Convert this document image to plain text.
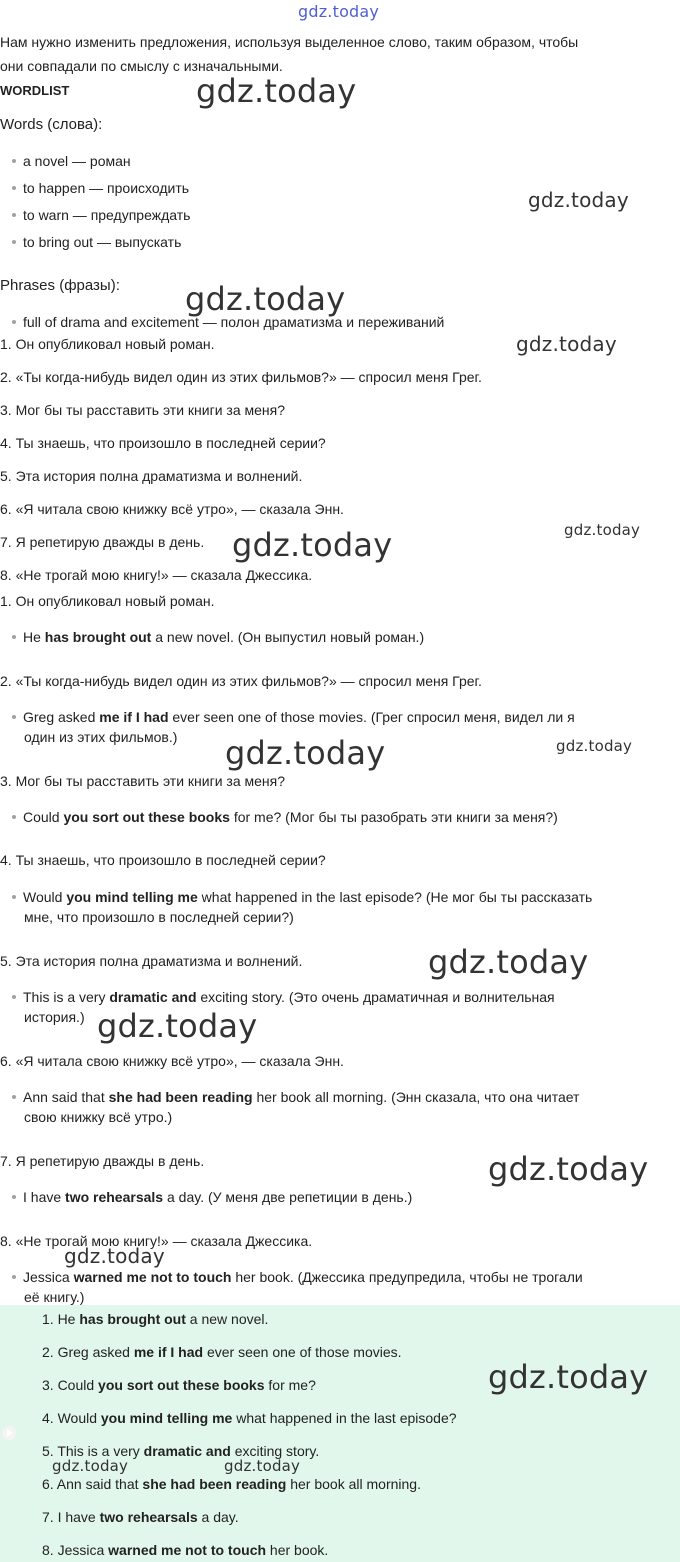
gdz.today
gdz.today
gdz.today
gdz.today
gdz.today
gdz.today
gdz.today
gdz.today	gdz.today
gdz.today
gdz.today
gdz.today
gdz.today
Нам нужно изменить предложения, используя выделенное слово, таким образом, чтобы
они совпадали по смыслу с изначальными.
WORDLIST
Words (слова):
a novel — роман
to happen — происходить
to warn — предупреждать
to bring out — выпускать
Phrases (фразы):
full of drama and excitement — полон драматизма и переживаний
1. Он опубликовал новый роман.
2. «Ты когда-нибудь видел один из этих фильмов?» — спросил меня Грег.
3. Мог бы ты расставить эти книги за меня?
4. Ты знаешь, что произошло в последней серии?
5. Эта история полна драматизма и волнений.
6. «Я читала свою книжку всё утро», — сказала Энн.
7. Я репетирую дважды в день.
8. «Не трогай мою книгу!» — сказала Джессика.
1. Он опубликовал новый роман.
He has brought out a new novel. (Он выпустил новый роман.)
2. «Ты когда-нибудь видел один из этих фильмов?» — спросил меня Грег.
Greg asked me if I had ever seen one of those movies. (Грег спросил меня, видел ли я
один из этих фильмов.)
3. Мог бы ты расставить эти книги за меня?
Could you sort out these books for me? (Мог бы ты разобрать эти книги за меня?)
4. Ты знаешь, что произошло в последней серии?
Would you mind telling me what happened in the last episode? (Не мог бы ты рассказать
мне, что произошло в последней серии?)
5. Эта история полна драматизма и волнений.
This is a very dramatic and exciting story. (Это очень драматичная и волнительная
история.)
6. «Я читала свою книжку всё утро», — сказала Энн.
Ann said that she had been reading her book all morning. (Энн сказала, что она читает
свою книжку всё утро.)
7. Я репетирую дважды в день.
I have two rehearsals a day. (У меня две репетиции в день.)
8. «Не трогай мою книгу!» — сказала Джессика.
Jessica warned me not to touch her book. (Джессика предупредила, чтобы не трогали
её книгу.)
1. He has brought out a new novel.
2. Greg asked me if I had ever seen one of those movies.
3. Could you sort out these books for me?
4. Would you mind telling me what happened in the last episode?
5. This is a very dramatic and exciting story.
6. Ann said that she had been reading her book all morning.
7. I have two rehearsals a day.
8. Jessica warned me not to touch her book.
gdz.today
gdz.today	gdz.today
